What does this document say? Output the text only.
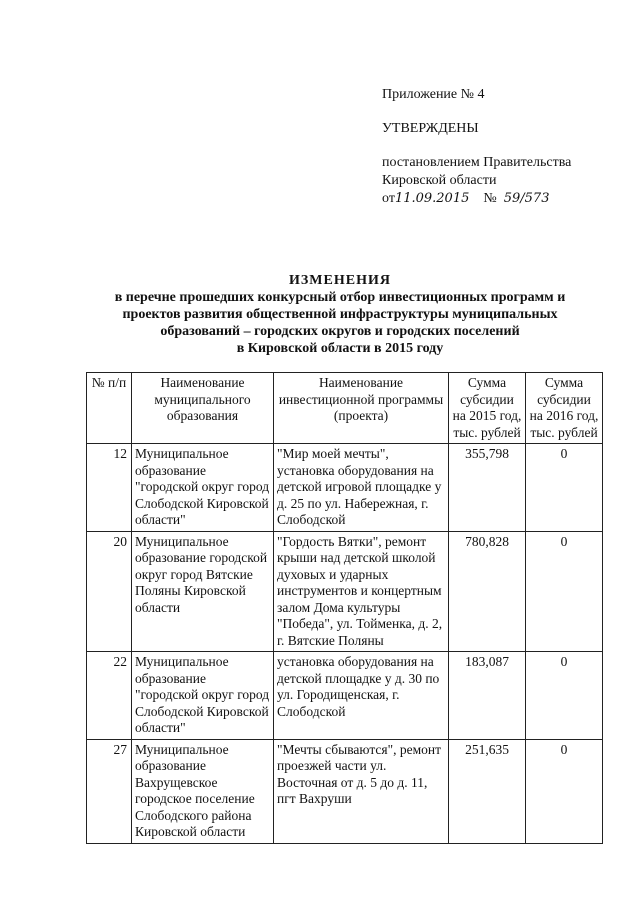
Приложение № 4
УТВЕРЖДЕНЫ
постановлением Правительства
Кировской области
от11.09.2015 № 59/573
ИЗМЕНЕНИЯ
в перечне прошедших конкурсный отбор инвестиционных программ и
проектов развития общественной инфраструктуры муниципальных
образований – городских округов и городских поселений
в Кировской области в 2015 году
№ п/п	Наименование муниципального образования	Наименование инвестиционной программы (проекта)	Сумма субсидии на 2015 год, тыс. рублей	Сумма субсидии на 2016 год, тыс. рублей
12	Муниципальное образование "городской округ город Слободской Кировской области"	"Мир моей мечты", установка оборудования на детской игровой площадке у д. 25 по ул. Набережная, г. Слободской	355,798	0
20	Муниципальное образование городской округ город Вятские Поляны Кировской области	"Гордость Вятки", ремонт крыши над детской школой духовых и ударных инструментов и концертным залом Дома культуры "Победа", ул. Тойменка, д. 2, г. Вятские Поляны	780,828	0
22	Муниципальное образование "городской округ город Слободской Кировской области"	установка оборудования на детской площадке у д. 30 по ул. Городищенская, г. Слободской	183,087	0
27	Муниципальное образование Вахрущевское городское поселение Слободского района Кировской области	"Мечты сбываются", ремонт проезжей части ул. Восточная от д. 5 до д. 11, пгт Вахруши	251,635	0
